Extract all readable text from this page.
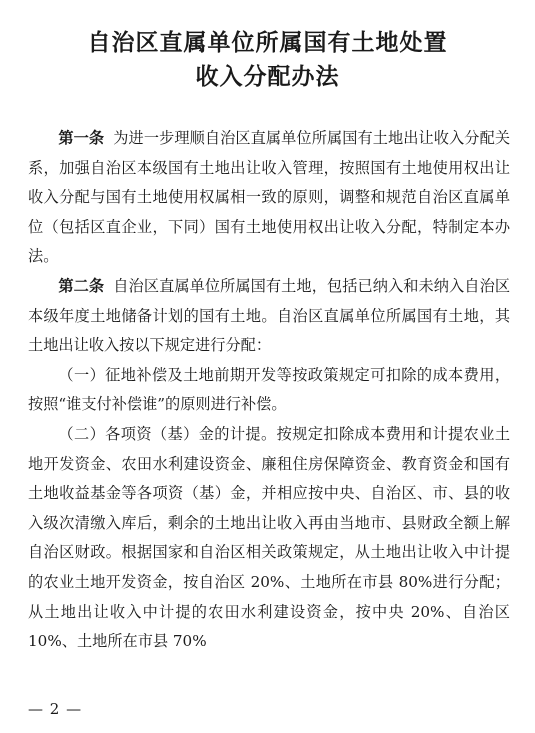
自治区直属单位所属国有土地处置
收入分配办法

第一条 为进一步理顺自治区直属单位所属国有土地出让收入分配关系，加强自治区本级国有土地出让收入管理，按照国有土地使用权出让收入分配与国有土地使用权属相一致的原则，调整和规范自治区直属单位（包括区直企业，下同）国有土地使用权出让收入分配，特制定本办法。

第二条 自治区直属单位所属国有土地，包括已纳入和未纳入自治区本级年度土地储备计划的国有土地。自治区直属单位所属国有土地，其土地出让收入按以下规定进行分配：

（一）征地补偿及土地前期开发等按政策规定可扣除的成本费用，按照“谁支付补偿谁”的原则进行补偿。

（二）各项资（基）金的计提。按规定扣除成本费用和计提农业土地开发资金、农田水利建设资金、廉租住房保障资金、教育资金和国有土地收益基金等各项资（基）金，并相应按中央、自治区、市、县的收入级次清缴入库后，剩余的土地出让收入再由当地市、县财政全额上解自治区财政。根据国家和自治区相关政策规定，从土地出让收入中计提的农业土地开发资金，按自治区 20%、土地所在市县 80%进行分配；从土地出让收入中计提的农田水利建设资金，按中央 20%、自治区 10%、土地所在市县 70%

— 2 —
